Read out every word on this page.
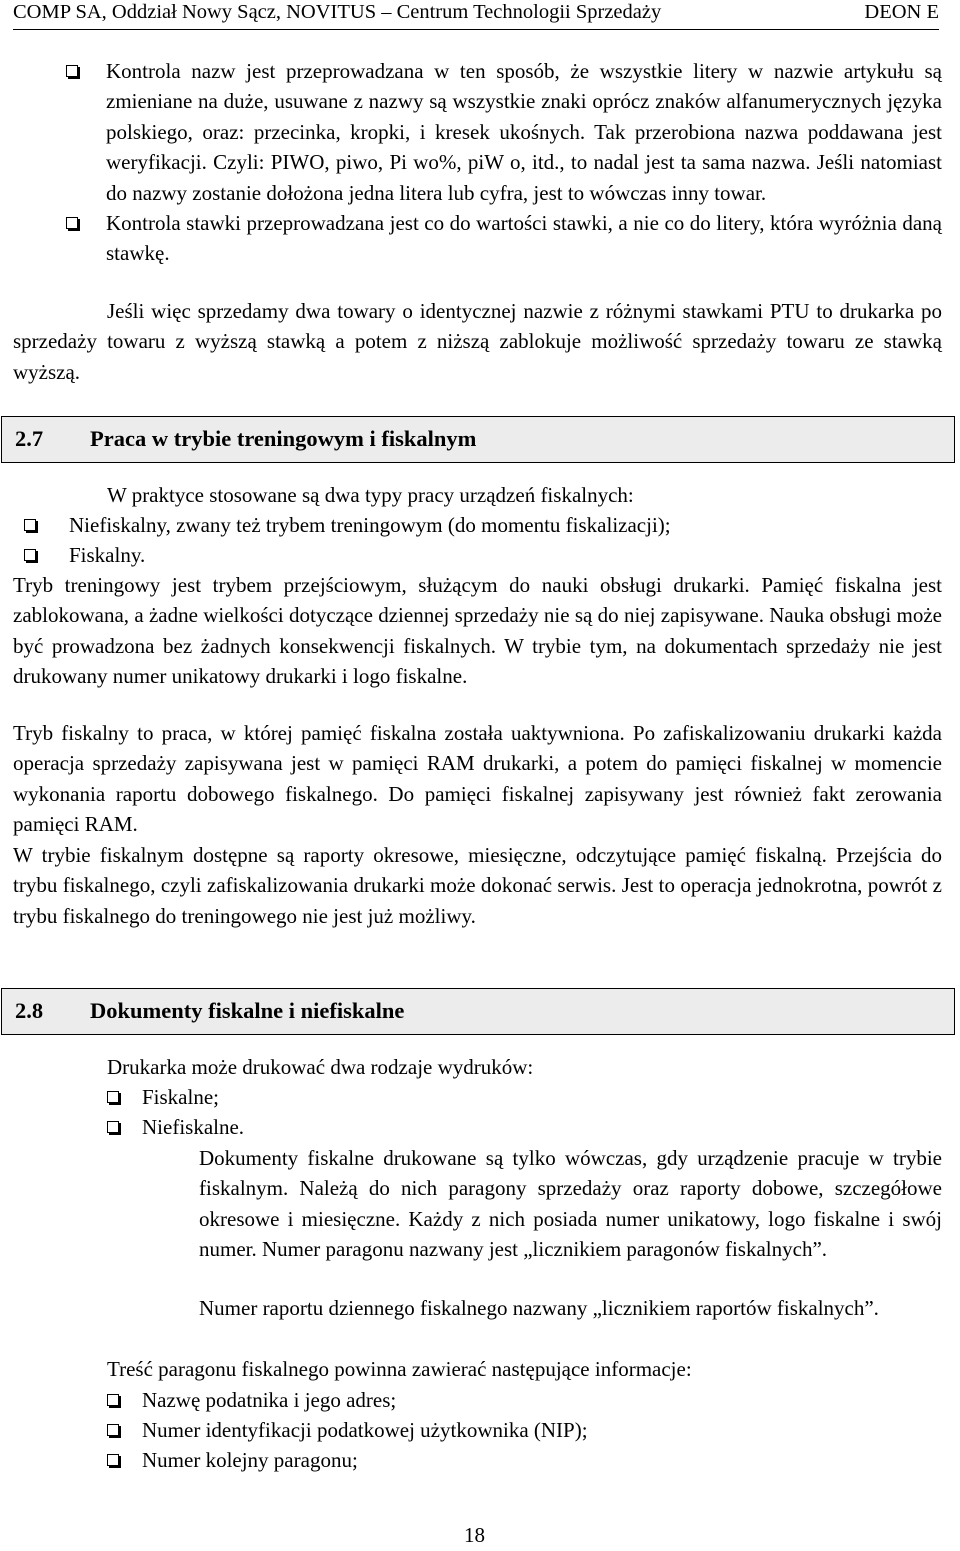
COMP SA, Oddział Nowy Sącz, NOVITUS – Centrum Technologii Sprzedaży	DEON E
Kontrola nazw jest przeprowadzana w ten sposób, że wszystkie litery w nazwie artykułu są zmieniane na duże, usuwane z nazwy są wszystkie znaki oprócz znaków alfanumerycznych języka polskiego, oraz: przecinka, kropki, i kresek ukośnych. Tak przerobiona nazwa poddawana jest weryfikacji. Czyli: PIWO, piwo, Pi wo%, piW o, itd., to nadal jest ta sama nazwa. Jeśli natomiast do nazwy zostanie dołożona jedna litera lub cyfra, jest to wówczas inny towar.
Kontrola stawki przeprowadzana jest co do wartości stawki, a nie co do litery, która wyróżnia daną stawkę.
Jeśli więc sprzedamy dwa towary o identycznej nazwie z różnymi stawkami PTU to drukarka po sprzedaży towaru z wyższą stawką a potem z niższą zablokuje możliwość sprzedaży towaru ze stawką wyższą.
2.7 Praca w trybie treningowym i fiskalnym
W praktyce stosowane są dwa typy pracy urządzeń fiskalnych:
Niefiskalny, zwany też trybem treningowym (do momentu fiskalizacji);
Fiskalny.
Tryb treningowy jest trybem przejściowym, służącym do nauki obsługi drukarki. Pamięć fiskalna jest zablokowana, a żadne wielkości dotyczące dziennej sprzedaży nie są do niej zapisywane. Nauka obsługi może być prowadzona bez żadnych konsekwencji fiskalnych. W trybie tym, na dokumentach sprzedaży nie jest drukowany numer unikatowy drukarki i logo fiskalne.
Tryb fiskalny to praca, w której pamięć fiskalna została uaktywniona. Po zafiskalizowaniu drukarki każda operacja sprzedaży zapisywana jest w pamięci RAM drukarki, a potem do pamięci fiskalnej w momencie wykonania raportu dobowego fiskalnego. Do pamięci fiskalnej zapisywany jest również fakt zerowania pamięci RAM.
W trybie fiskalnym dostępne są raporty okresowe, miesięczne, odczytujące pamięć fiskalną. Przejścia do trybu fiskalnego, czyli zafiskalizowania drukarki może dokonać serwis. Jest to operacja jednokrotna, powrót z trybu fiskalnego do treningowego nie jest już możliwy.
2.8 Dokumenty fiskalne i niefiskalne
Drukarka może drukować dwa rodzaje wydruków:
Fiskalne;
Niefiskalne.
Dokumenty fiskalne drukowane są tylko wówczas, gdy urządzenie pracuje w trybie fiskalnym. Należą do nich paragony sprzedaży oraz raporty dobowe, szczegółowe okresowe i miesięczne. Każdy z nich posiada numer unikatowy, logo fiskalne i swój numer. Numer paragonu nazwany jest „licznikiem paragonów fiskalnych”.
Numer raportu dziennego fiskalnego nazwany „licznikiem raportów fiskalnych”.
Treść paragonu fiskalnego powinna zawierać następujące informacje:
Nazwę podatnika i jego adres;
Numer identyfikacji podatkowej użytkownika (NIP);
Numer kolejny paragonu;
18
